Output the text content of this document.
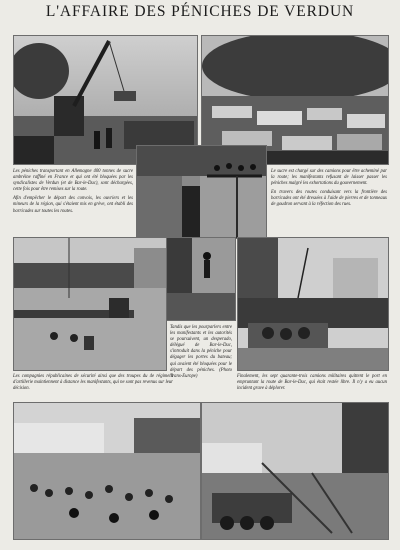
L'AFFAIRE DES PÉNICHES DE VERDUN

Les péniches transportant en Allemagne 400 tonnes de sucre ambréine raffiné en France et qui ont été bloquées par les syndicalistes de Verdun (et de Bar-le-Duc), sont déchargées, cette fois pour être remises sur la route.

Afin d'empêcher le départ des convois, les ouvriers et les mineurs de la région, qui s'étaient mis en grève, ont établi des barricades sur toutes les routes.

Le sucre est chargé sur des camions pour être acheminé par la route; les manifestants refusant de laisser passer les péniches malgré les exhortations du gouvernement.

En travers des routes conduisant vers la frontière des barricades ont été dressées à l'aide de pierres et de tonneaux de goudron servant à la réfection des rues.

Tandis que les pourparlers entre les manifestants et les autorités se poursuivent, un desperado, délégué de Bar-le-Duc, s'introduit dans la péniche pour dégager les portes du bateau; qui avaient été bloquées pour le départ des péniches. (Photo Trans-Europe)

Les compagnies républicaines de sécurité ainsi que des troupes du 4e régiment d'artillerie maintiennent à distance les manifestants, qui ne sont pas revenus sur leur décision.

Finalement, les sept quarante-trois camions militaires quittent le port en empruntant la route de Bar-le-Duc, qui était restée libre. Il n'y a eu aucun incident grave à déplorer.
